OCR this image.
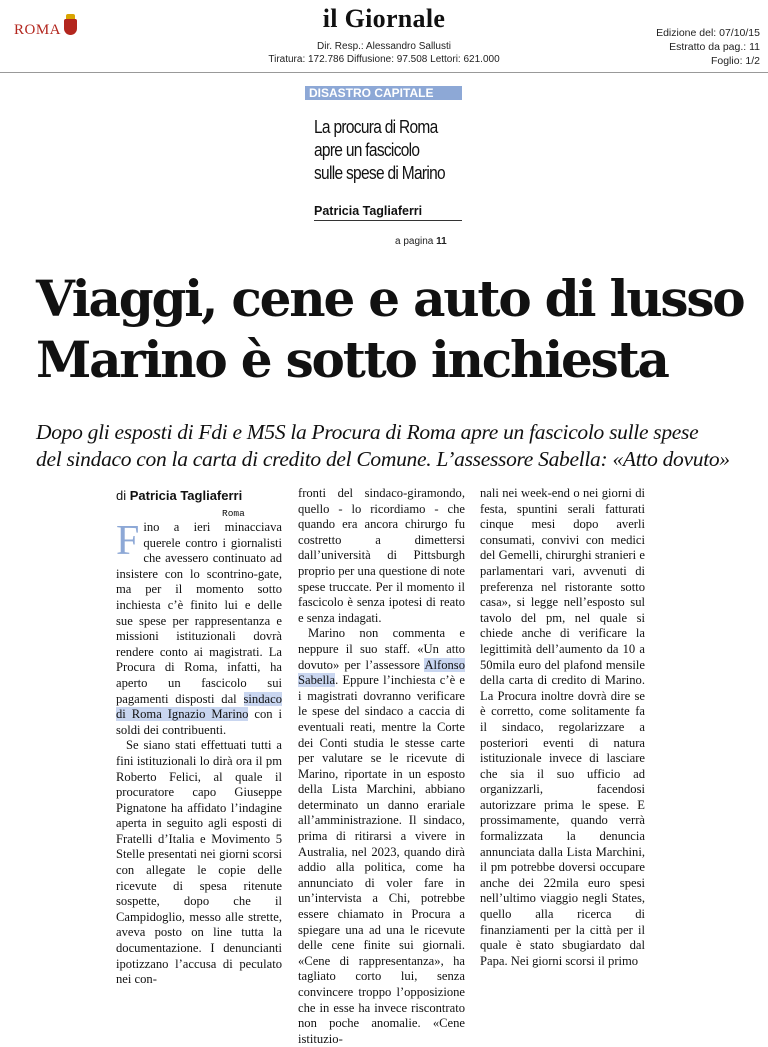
ROMA	il Giornale
Dir. Resp.: Alessandro Sallusti
Tiratura: 172.786 Diffusione: 97.508 Lettori: 621.000
Edizione del: 07/10/15
Estratto da pag.: 11
Foglio: 1/2
DISASTRO CAPITALE
La procura di Roma
apre un fascicolo
sulle spese di Marino
Patricia Tagliaferri
a pagina 11
Viaggi, cene e auto di lusso
Marino è sotto inchiesta
Dopo gli esposti di Fdi e M5S la Procura di Roma apre un fascicolo sulle spese
del sindaco con la carta di credito del Comune. L’assessore Sabella: «Atto dovuto»
di Patricia Tagliaferri
Roma

Fino a ieri minacciava querele contro i giornalisti che avessero continuato ad insistere con lo scontrino-gate, ma per il momento sotto inchiesta c’è finito lui e delle sue spese per rappresentanza e missioni istituzionali dovrà rendere conto ai magistrati. La Procura di Roma, infatti, ha aperto un fascicolo sui pagamenti disposti dal sindaco di Roma Ignazio Marino con i soldi dei contribuenti.

Se siano stati effettuati tutti a fini istituzionali lo dirà ora il pm Roberto Felici, al quale il procuratore capo Giuseppe Pignatone ha affidato l’indagine aperta in seguito agli esposti di Fratelli d’Italia e Movimento 5 Stelle presentati nei giorni scorsi con allegate le copie delle ricevute di spesa ritenute sospette, dopo che il Campidoglio, messo alle strette, aveva posto on line tutta la documentazione. I denuncianti ipotizzano l’accusa di peculato nei con-

fronti del sindaco-giramondo, quello - lo ricordiamo - che quando era ancora chirurgo fu costretto a dimettersi dall’università di Pittsburgh proprio per una questione di note spese truccate. Per il momento il fascicolo è senza ipotesi di reato e senza indagati.

Marino non commenta e neppure il suo staff. «Un atto dovuto» per l’assessore Alfonso Sabella. Eppure l’inchiesta c’è e i magistrati dovranno verificare le spese del sindaco a caccia di eventuali reati, mentre la Corte dei Conti studia le stesse carte per valutare se le ricevute di Marino, riportate in un esposto della Lista Marchini, abbiano determinato un danno erariale all’amministrazione. Il sindaco, prima di ritirarsi a vivere in Australia, nel 2023, quando dirà addio alla politica, come ha annunciato di voler fare in un’intervista a Chi, potrebbe essere chiamato in Procura a spiegare una ad una le ricevute delle cene finite sui giornali. «Cene di rappresentanza», ha tagliato corto lui, senza convincere troppo l’opposizione che in esse ha invece riscontrato non poche anomalie. «Cene istituzio-

nali nei week-end o nei giorni di festa, spuntini serali fatturati cinque mesi dopo averli consumati, convivi con medici del Gemelli, chirurghi stranieri e parlamentari vari, avvenuti di preferenza nel ristorante sotto casa», si legge nell’esposto sul tavolo del pm, nel quale si chiede anche di verificare la legittimità dell’aumento da 10 a 50mila euro del plafond mensile della carta di credito di Marino. La Procura inoltre dovrà dire se è corretto, come solitamente fa il sindaco, regolarizzare a posteriori eventi di natura istituzionale invece di lasciare che sia il suo ufficio ad organizzarli, facendosi autorizzare prima le spese. E prossimamente, quando verrà formalizzata la denuncia annunciata dalla Lista Marchini, il pm potrebbe doversi occupare anche dei 22mila euro spesi nell’ultimo viaggio negli States, quello alla ricerca di finanziamenti per la città per il quale è stato sbugiardato dal Papa. Nei giorni scorsi il primo
